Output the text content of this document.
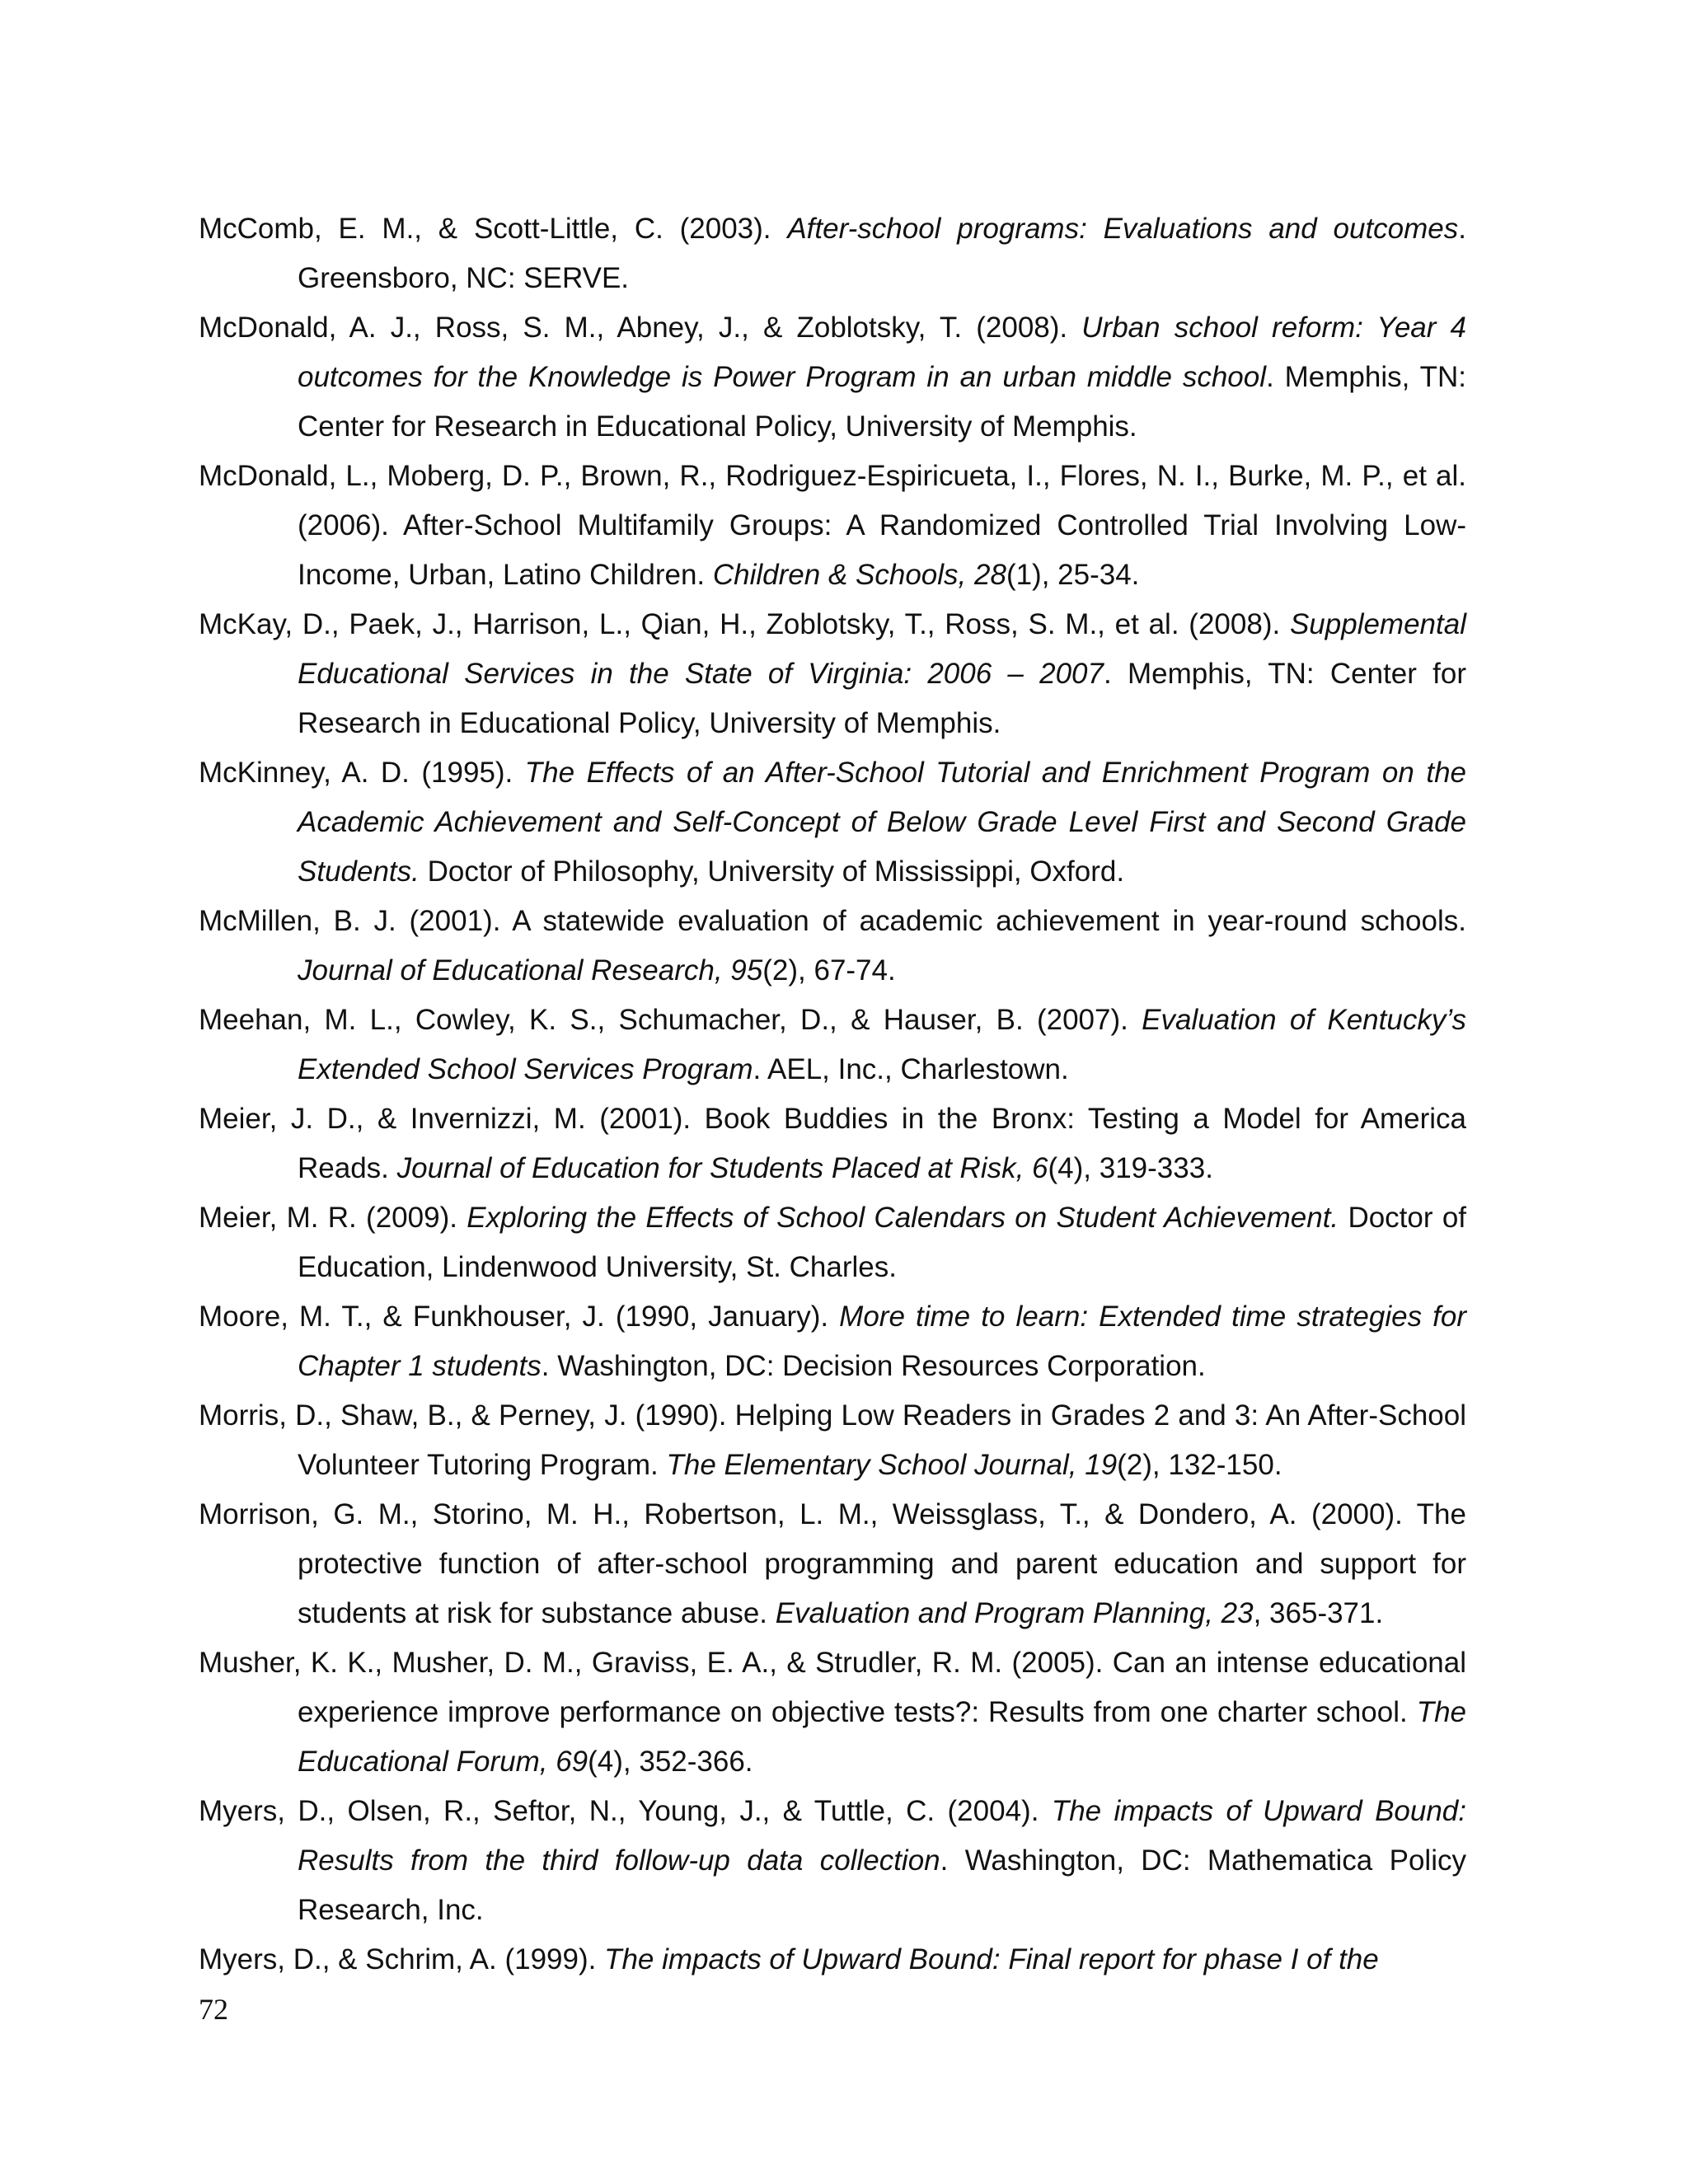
McComb, E. M., & Scott-Little, C. (2003). After-school programs: Evaluations and outcomes. Greensboro, NC: SERVE.
McDonald, A. J., Ross, S. M., Abney, J., & Zoblotsky, T. (2008). Urban school reform: Year 4 outcomes for the Knowledge is Power Program in an urban middle school. Memphis, TN: Center for Research in Educational Policy, University of Memphis.
McDonald, L., Moberg, D. P., Brown, R., Rodriguez-Espiricueta, I., Flores, N. I., Burke, M. P., et al. (2006). After-School Multifamily Groups: A Randomized Controlled Trial Involving Low-Income, Urban, Latino Children. Children & Schools, 28(1), 25-34.
McKay, D., Paek, J., Harrison, L., Qian, H., Zoblotsky, T., Ross, S. M., et al. (2008). Supplemental Educational Services in the State of Virginia: 2006 – 2007. Memphis, TN: Center for Research in Educational Policy, University of Memphis.
McKinney, A. D. (1995). The Effects of an After-School Tutorial and Enrichment Program on the Academic Achievement and Self-Concept of Below Grade Level First and Second Grade Students. Doctor of Philosophy, University of Mississippi, Oxford.
McMillen, B. J. (2001). A statewide evaluation of academic achievement in year-round schools. Journal of Educational Research, 95(2), 67-74.
Meehan, M. L., Cowley, K. S., Schumacher, D., & Hauser, B. (2007). Evaluation of Kentucky’s Extended School Services Program. AEL, Inc., Charlestown.
Meier, J. D., & Invernizzi, M. (2001). Book Buddies in the Bronx: Testing a Model for America Reads. Journal of Education for Students Placed at Risk, 6(4), 319-333.
Meier, M. R. (2009). Exploring the Effects of School Calendars on Student Achievement. Doctor of Education, Lindenwood University, St. Charles.
Moore, M. T., & Funkhouser, J. (1990, January). More time to learn: Extended time strategies for Chapter 1 students. Washington, DC: Decision Resources Corporation.
Morris, D., Shaw, B., & Perney, J. (1990). Helping Low Readers in Grades 2 and 3: An After-School Volunteer Tutoring Program. The Elementary School Journal, 19(2), 132-150.
Morrison, G. M., Storino, M. H., Robertson, L. M., Weissglass, T., & Dondero, A. (2000). The protective function of after-school programming and parent education and support for students at risk for substance abuse. Evaluation and Program Planning, 23, 365-371.
Musher, K. K., Musher, D. M., Graviss, E. A., & Strudler, R. M. (2005). Can an intense educational experience improve performance on objective tests?: Results from one charter school. The Educational Forum, 69(4), 352-366.
Myers, D., Olsen, R., Seftor, N., Young, J., & Tuttle, C. (2004). The impacts of Upward Bound: Results from the third follow-up data collection. Washington, DC: Mathematica Policy Research, Inc.
Myers, D., & Schrim, A. (1999). The impacts of Upward Bound: Final report for phase I of the
72
